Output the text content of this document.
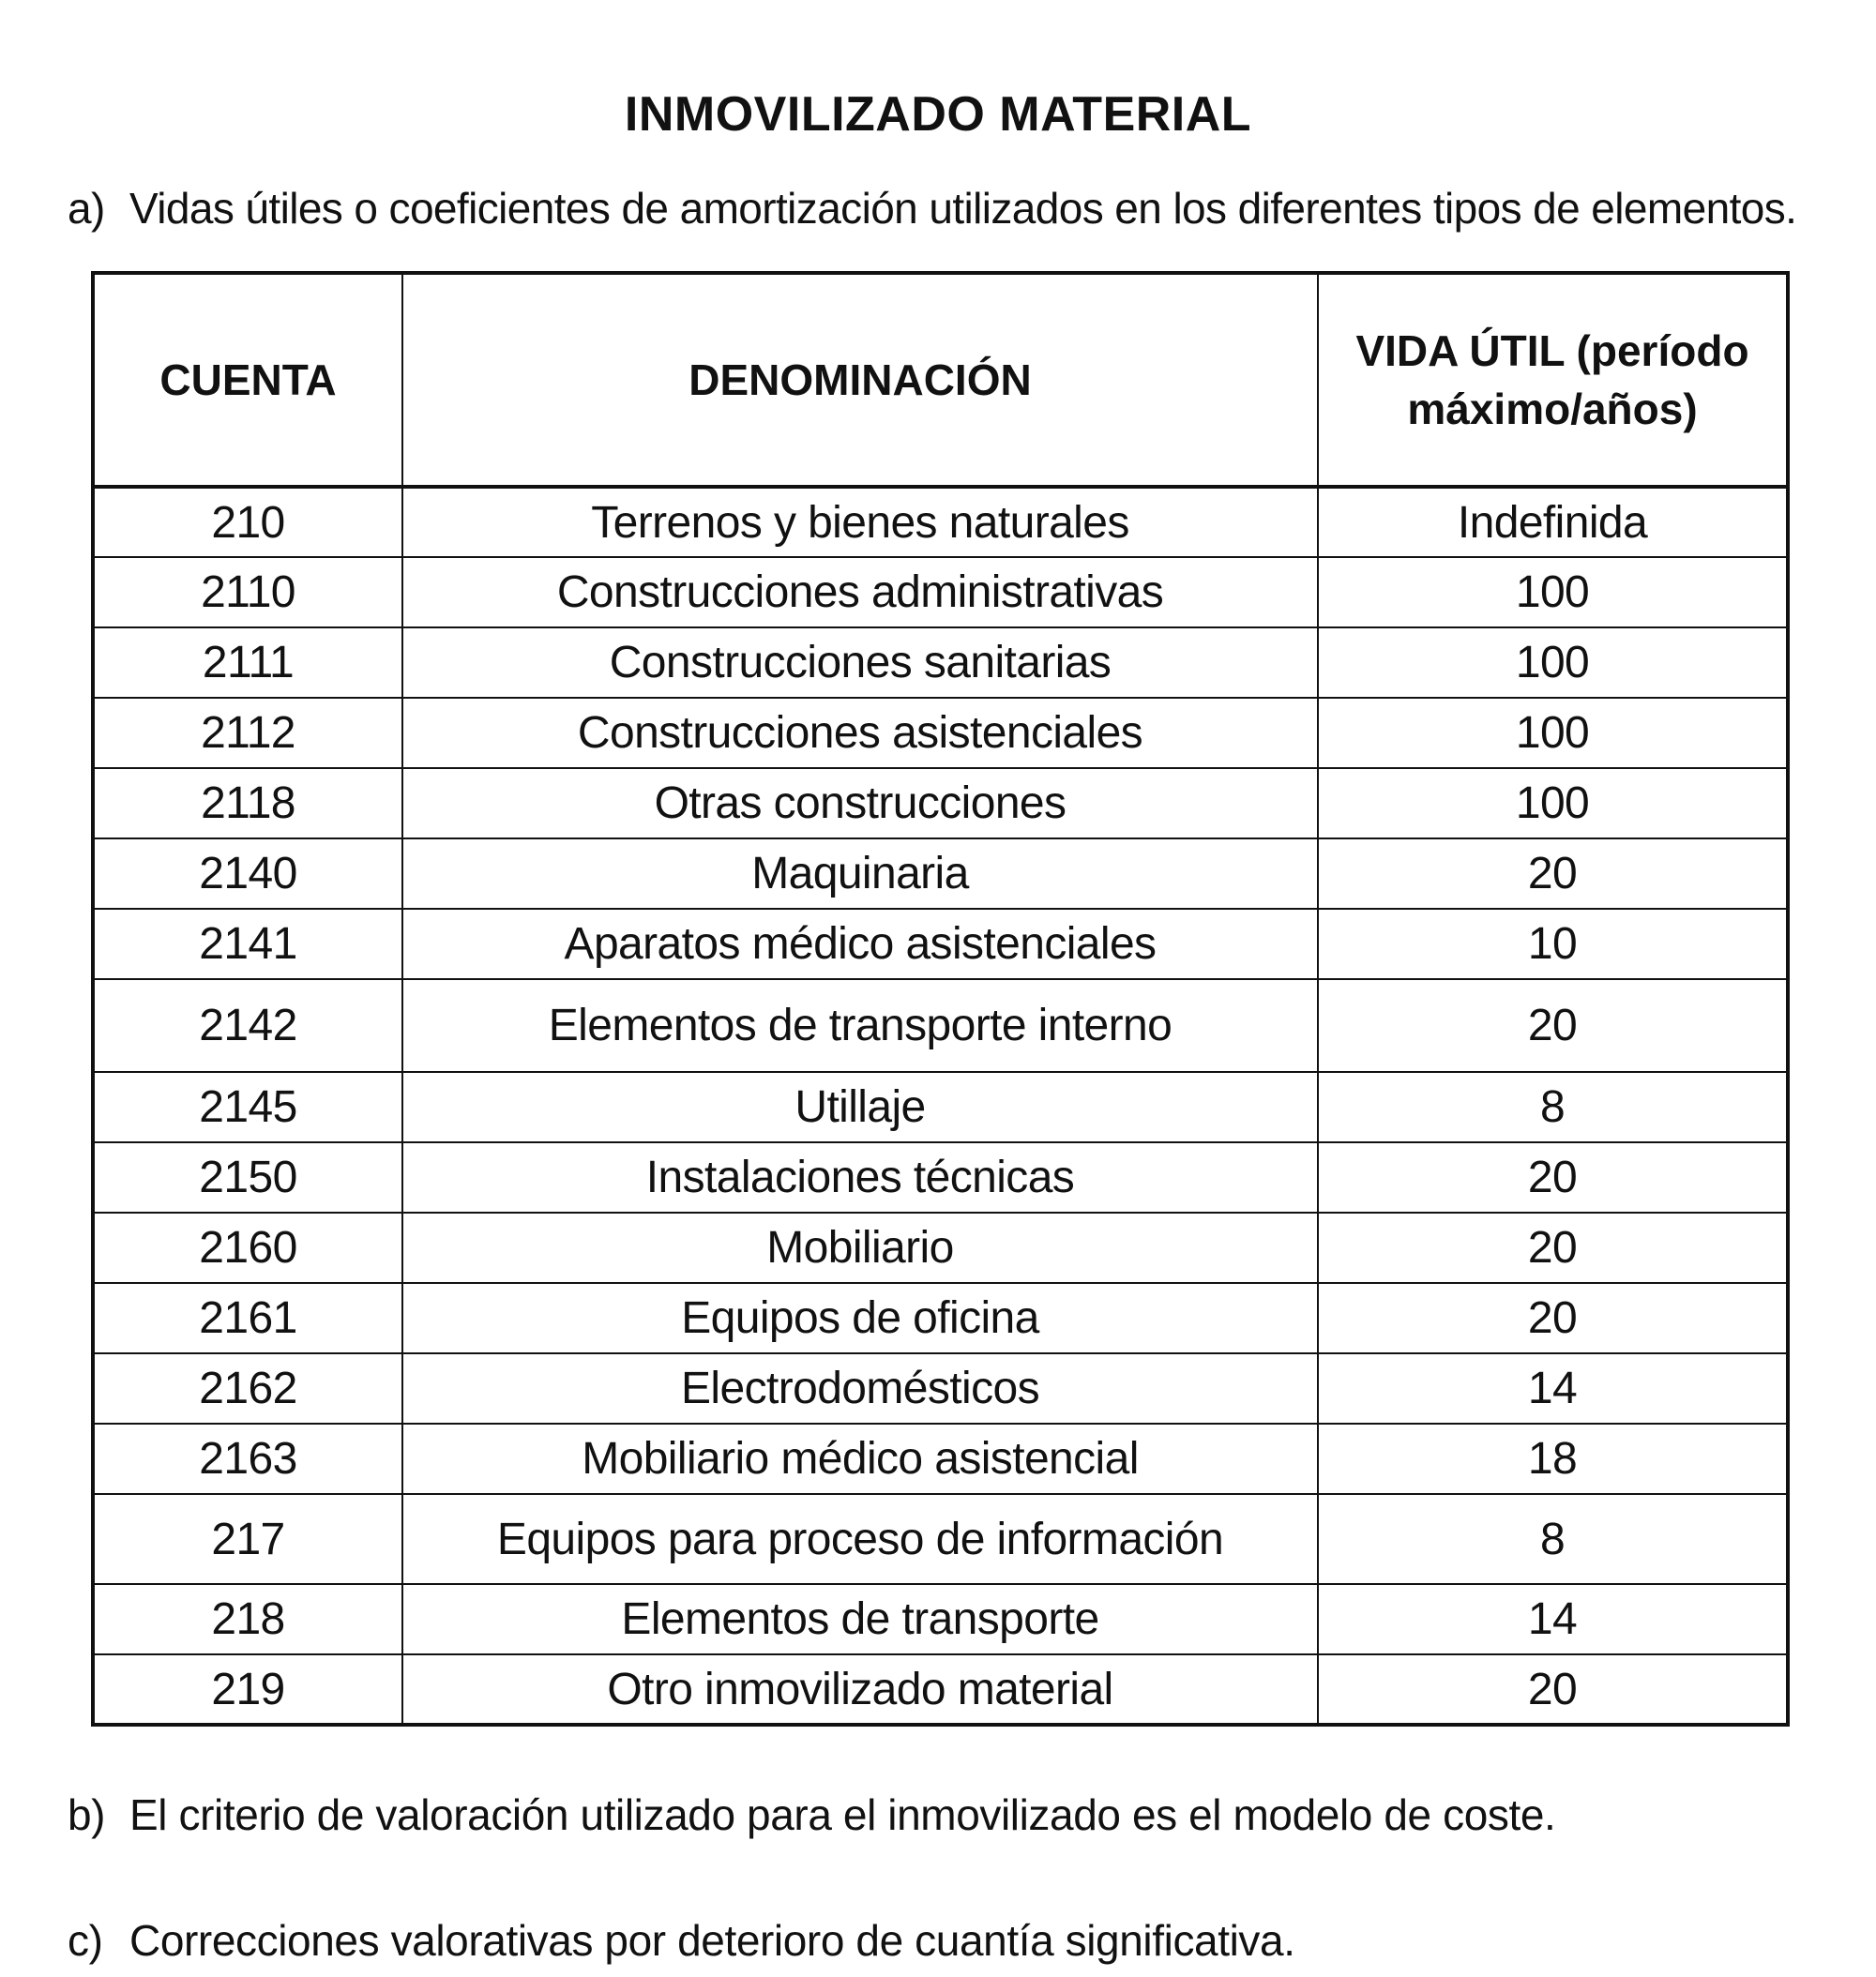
INMOVILIZADO MATERIAL

a) Vidas útiles o coeficientes de amortización utilizados en los diferentes tipos de elementos.

CUENTA	DENOMINACIÓN	VIDA ÚTIL (período
máximo/años)
210	Terrenos y bienes naturales	Indefinida
2110	Construcciones administrativas	100
2111	Construcciones sanitarias	100
2112	Construcciones asistenciales	100
2118	Otras construcciones	100
2140	Maquinaria	20
2141	Aparatos médico asistenciales	10
2142	Elementos de transporte interno	20
2145	Utillaje	8
2150	Instalaciones técnicas	20
2160	Mobiliario	20
2161	Equipos de oficina	20
2162	Electrodomésticos	14
2163	Mobiliario médico asistencial	18
217	Equipos para proceso de información	8
218	Elementos de transporte	14
219	Otro inmovilizado material	20

b) El criterio de valoración utilizado para el inmovilizado es el modelo de coste.

c) Correcciones valorativas por deterioro de cuantía significativa.
